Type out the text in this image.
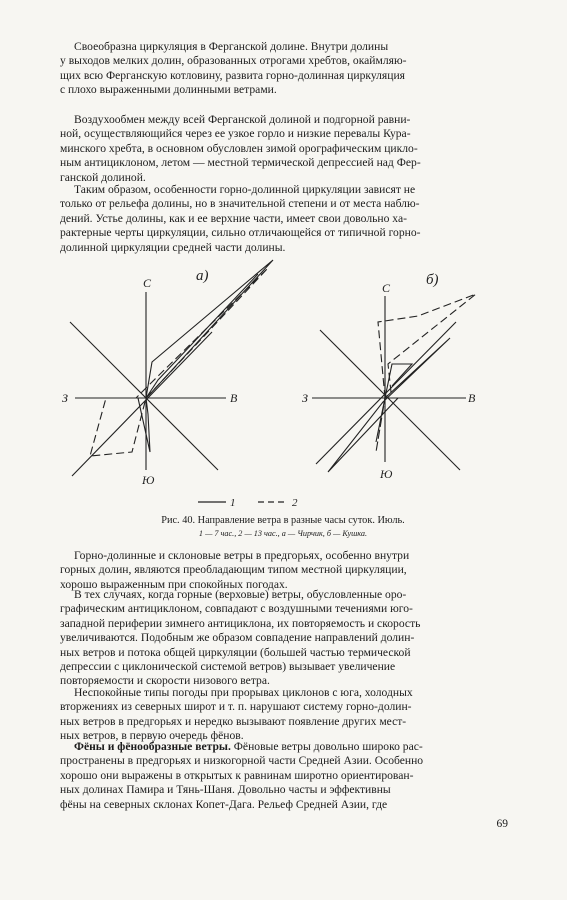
Своеобразна циркуляция в Ферганской долине. Внутри долины
у выходов мелких долин, образованных отрогами хребтов, окаймляю-
щих всю Ферганскую котловину, развита горно-долинная циркуляция
с плохо выраженными долинными ветрами.
Воздухообмен между всей Ферганской долиной и подгорной равни-
ной, осуществляющийся через ее узкое горло и низкие перевалы Кура-
минского хребта, в основном обусловлен зимой орографическим цикло-
ным антициклоном, летом — местной термической депрессией над Фер-
ганской долиной.
Таким образом, особенности горно-долинной циркуляции зависят не
только от рельефа долины, но в значительной степени и от места наблю-
дений. Устье долины, как и ее верхние части, имеет свои довольно ха-
рактерные черты циркуляции, сильно отличающейся от типичной горно-
долинной циркуляции средней части долины.
С
Ю
З	В
а)
С
Ю
З	В
б)
1	2
Рис. 40. Направление ветра в разные часы суток. Июль.
1 — 7 час., 2 — 13 час., а — Чирчик, б — Кушка.
Горно-долинные и склоновые ветры в предгорьях, особенно внутри
горных долин, являются преобладающим типом местной циркуляции,
хорошо выраженным при спокойных погодах.
В тех случаях, когда горные (верховые) ветры, обусловленные оро-
графическим антициклоном, совпадают с воздушными течениями юго-
западной периферии зимнего антициклона, их повторяемость и скорость
увеличиваются. Подобным же образом совпадение направлений долин-
ных ветров и потока общей циркуляции (большей частью термической
депрессии с циклонической системой ветров) вызывает увеличение
повторяемости и скорости низового ветра.
Неспокойные типы погоды при прорывах циклонов с юга, холодных
вторжениях из северных широт и т. п. нарушают систему горно-долин-
ных ветров в предгорьях и нередко вызывают появление других мест-
ных ветров, в первую очередь фёнов.
Фёны и фёнообразные ветры. Фёновые ветры довольно широко рас-
пространены в предгорьях и низкогорной части Средней Азии. Особенно
хорошо они выражены в открытых к равнинам широтно ориентирован-
ных долинах Памира и Тянь-Шаня. Довольно часты и эффективны
фёны на северных склонах Копет-Дага. Рельеф Средней Азии, где
69
